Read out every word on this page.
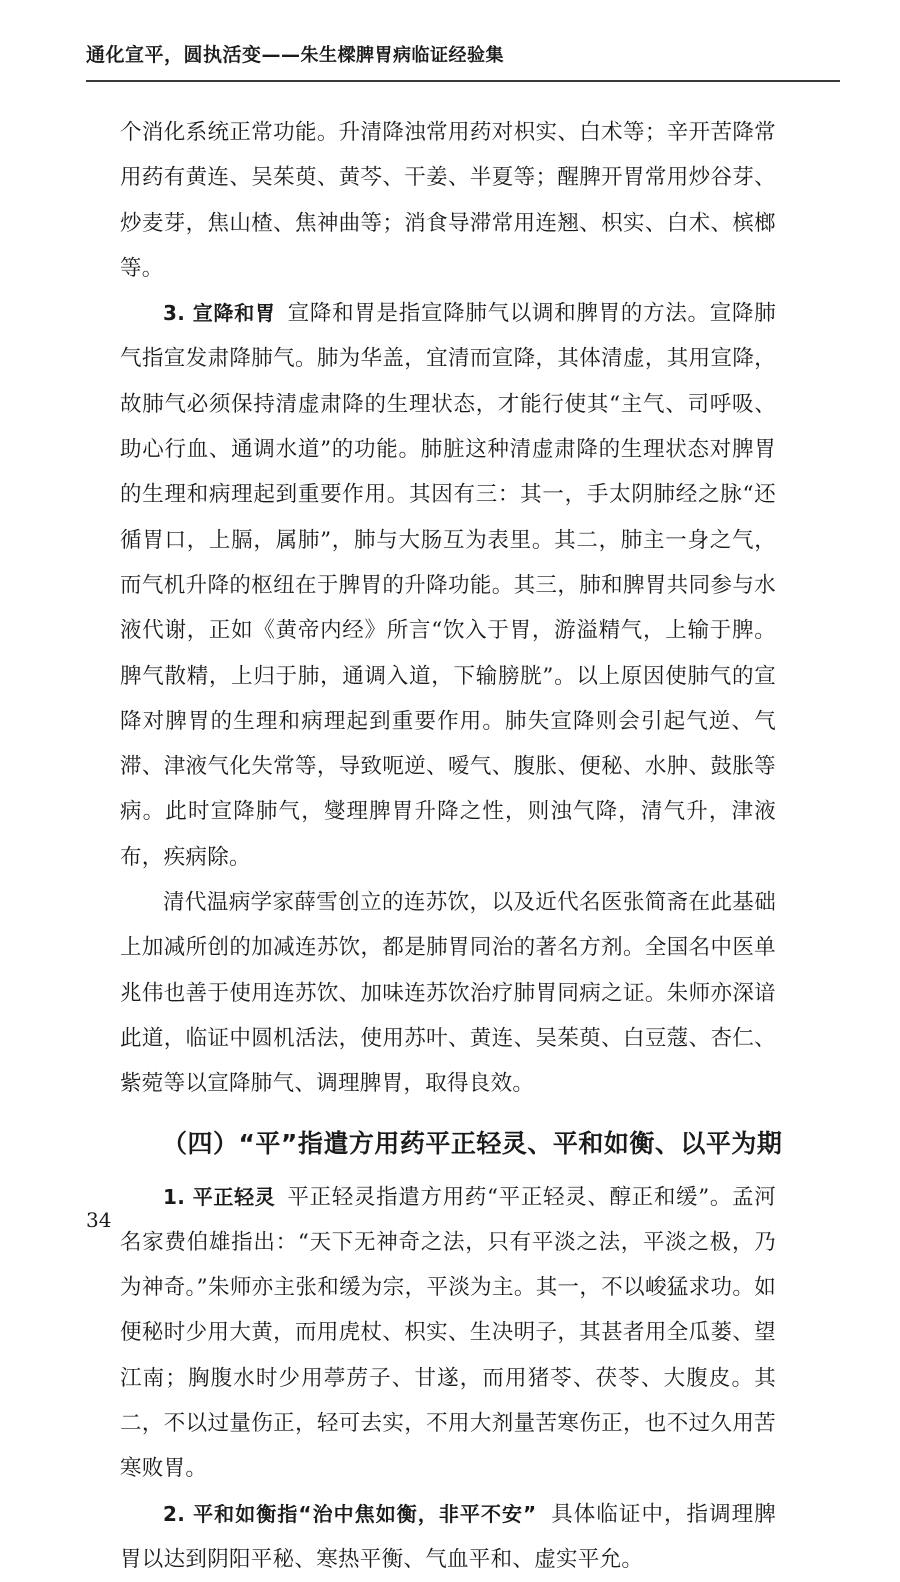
通化宣平，圆执活变——朱生樑脾胃病临证经验集

个消化系统正常功能。升清降浊常用药对枳实、白术等；辛开苦降常用药有黄连、吴茱萸、黄芩、干姜、半夏等；醒脾开胃常用炒谷芽、炒麦芽，焦山楂、焦神曲等；消食导滞常用连翘、枳实、白术、槟榔等。

3. 宣降和胃 宣降和胃是指宣降肺气以调和脾胃的方法。宣降肺气指宣发肃降肺气。肺为华盖，宜清而宣降，其体清虚，其用宣降，故肺气必须保持清虚肃降的生理状态，才能行使其“主气、司呼吸、助心行血、通调水道”的功能。肺脏这种清虚肃降的生理状态对脾胃的生理和病理起到重要作用。其因有三：其一，手太阴肺经之脉“还循胃口，上膈，属肺”，肺与大肠互为表里。其二，肺主一身之气，而气机升降的枢纽在于脾胃的升降功能。其三，肺和脾胃共同参与水液代谢，正如《黄帝内经》所言“饮入于胃，游溢精气，上输于脾。脾气散精，上归于肺，通调入道，下输膀胱”。以上原因使肺气的宣降对脾胃的生理和病理起到重要作用。肺失宣降则会引起气逆、气滞、津液气化失常等，导致呃逆、嗳气、腹胀、便秘、水肿、鼓胀等病。此时宣降肺气，燮理脾胃升降之性，则浊气降，清气升，津液布，疾病除。

清代温病学家薛雪创立的连苏饮，以及近代名医张简斋在此基础上加减所创的加减连苏饮，都是肺胃同治的著名方剂。全国名中医单兆伟也善于使用连苏饮、加味连苏饮治疗肺胃同病之证。朱师亦深谙此道，临证中圆机活法，使用苏叶、黄连、吴茱萸、白豆蔻、杏仁、紫菀等以宣降肺气、调理脾胃，取得良效。

（四）“平”指遣方用药平正轻灵、平和如衡、以平为期

1. 平正轻灵 平正轻灵指遣方用药“平正轻灵、醇正和缓”。孟河名家费伯雄指出：“天下无神奇之法，只有平淡之法，平淡之极，乃为神奇。”朱师亦主张和缓为宗，平淡为主。其一，不以峻猛求功。如便秘时少用大黄，而用虎杖、枳实、生决明子，其甚者用全瓜蒌、望江南；胸腹水时少用葶苈子、甘遂，而用猪苓、茯苓、大腹皮。其二，不以过量伤正，轻可去实，不用大剂量苦寒伤正，也不过久用苦寒败胃。

2. 平和如衡指“治中焦如衡，非平不安” 具体临证中，指调理脾胃以达到阴阳平秘、寒热平衡、气血平和、虚实平允。

34
